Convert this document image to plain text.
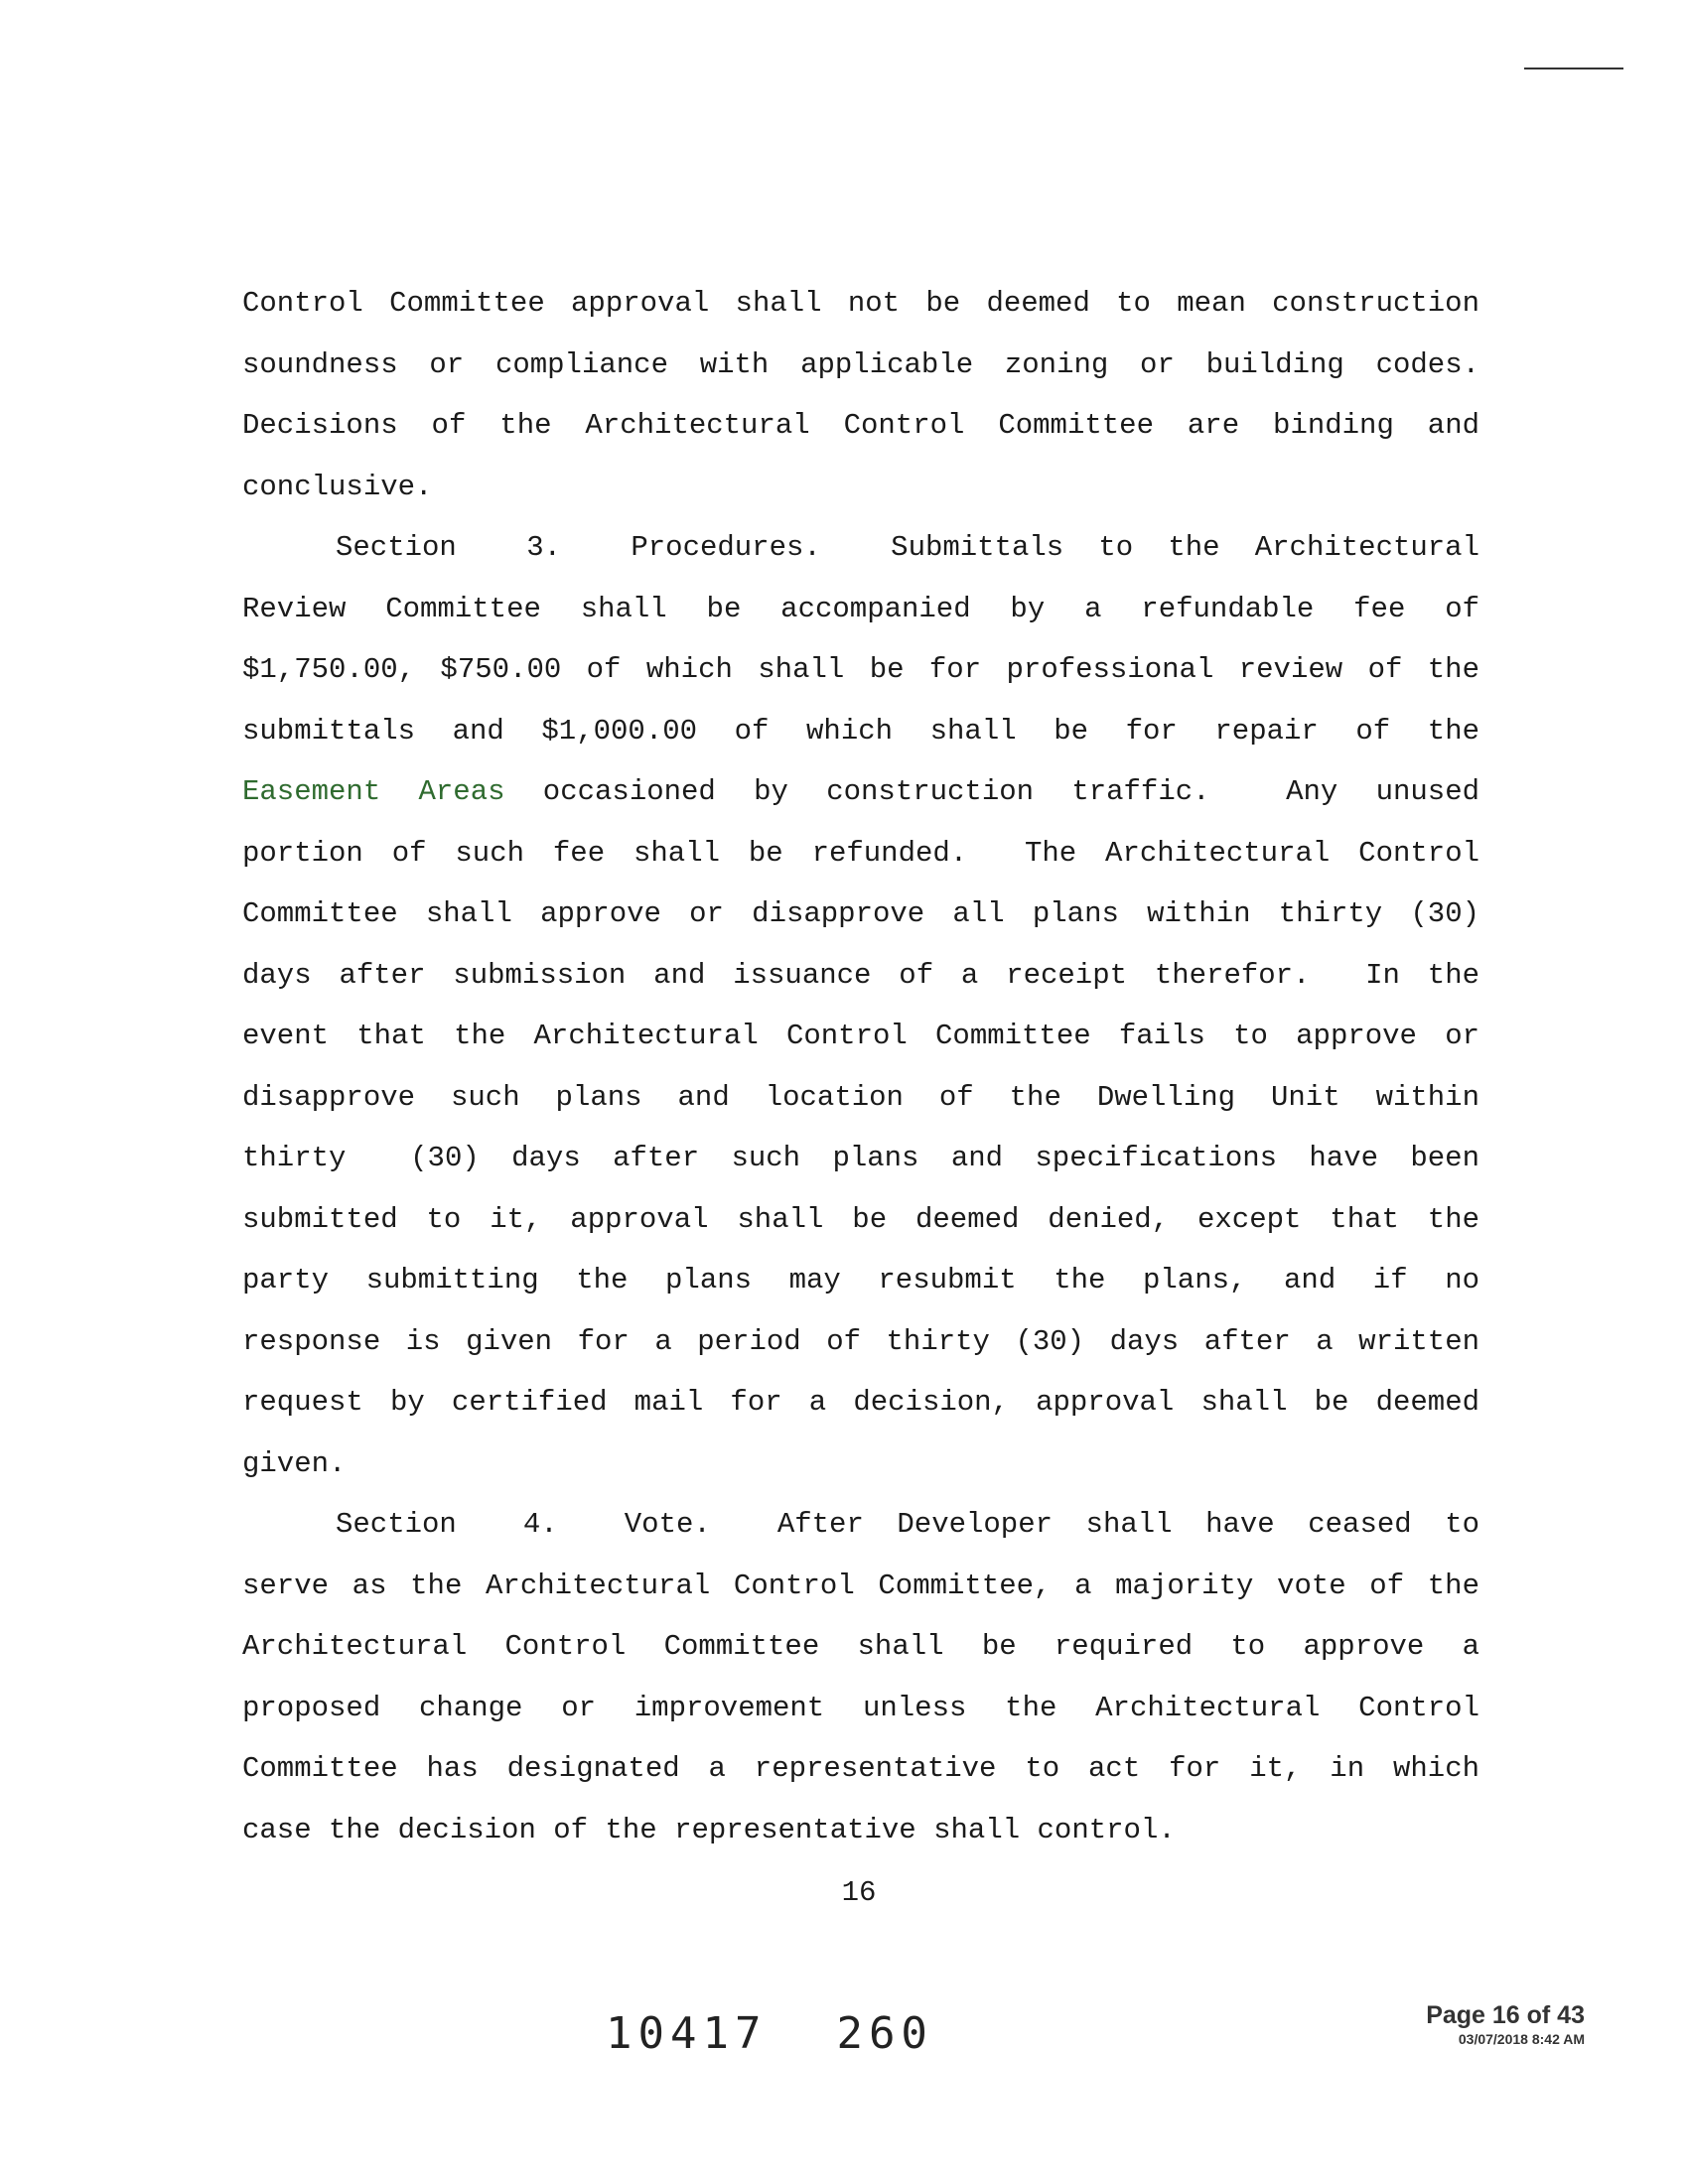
Control Committee approval shall not be deemed to mean construction
soundness or compliance with applicable zoning or building codes.
Decisions of the Architectural Control Committee are binding and
conclusive.
Section  3.  Procedures.  Submittals to the Architectural
Review Committee shall be accompanied by a refundable fee of
$1,750.00, $750.00 of which shall be for professional review of the
submittals and $1,000.00 of which shall be for repair of the
Easement Areas occasioned by construction traffic.  Any unused
portion of such fee shall be refunded.  The Architectural Control
Committee shall approve or disapprove all plans within thirty (30)
days after submission and issuance of a receipt therefor.  In the
event that the Architectural Control Committee fails to approve or
disapprove such plans and location of the Dwelling Unit within
thirty  (30) days after such plans and specifications have been
submitted to it, approval shall be deemed denied, except that the
party submitting the plans may resubmit the plans, and if no
response is given for a period of thirty (30) days after a written
request by certified mail for a decision, approval shall be deemed
given.
Section  4.  Vote.  After Developer shall have ceased to
serve as the Architectural Control Committee, a majority vote of the
Architectural Control Committee shall be required to approve a
proposed change or improvement unless the Architectural Control
Committee has designated a representative to act for it, in which
case the decision of the representative shall control.
16
10417 260	Page 16 of 43
03/07/2018 8:42 AM
